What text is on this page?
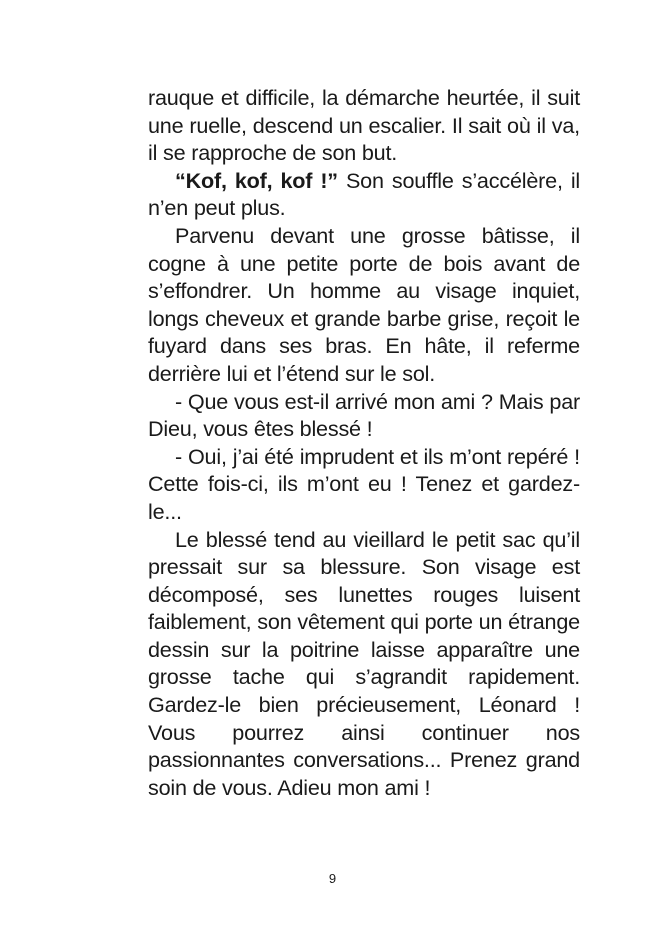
rauque et difficile, la démarche heurtée, il suit une ruelle, descend un escalier. Il sait où il va, il se rapproche de son but.

“Kof, kof, kof !” Son souffle s’accélère, il n’en peut plus.

Parvenu devant une grosse bâtisse, il cogne à une petite porte de bois avant de s’effondrer. Un homme au visage inquiet, longs cheveux et grande barbe grise, reçoit le fuyard dans ses bras. En hâte, il referme derrière lui et l’étend sur le sol.

- Que vous est-il arrivé mon ami ? Mais par Dieu, vous êtes blessé !

- Oui, j’ai été imprudent et ils m’ont repéré ! Cette fois-ci, ils m’ont eu ! Tenez et gardez-le...

Le blessé tend au vieillard le petit sac qu’il pressait sur sa blessure. Son visage est décomposé, ses lunettes rouges luisent faiblement, son vêtement qui porte un étrange dessin sur la poitrine laisse apparaître une grosse tache qui s’agrandit rapidement. Gardez-le bien précieusement, Léonard ! Vous pourrez ainsi continuer nos passionnantes conversations... Prenez grand soin de vous. Adieu mon ami !

9
